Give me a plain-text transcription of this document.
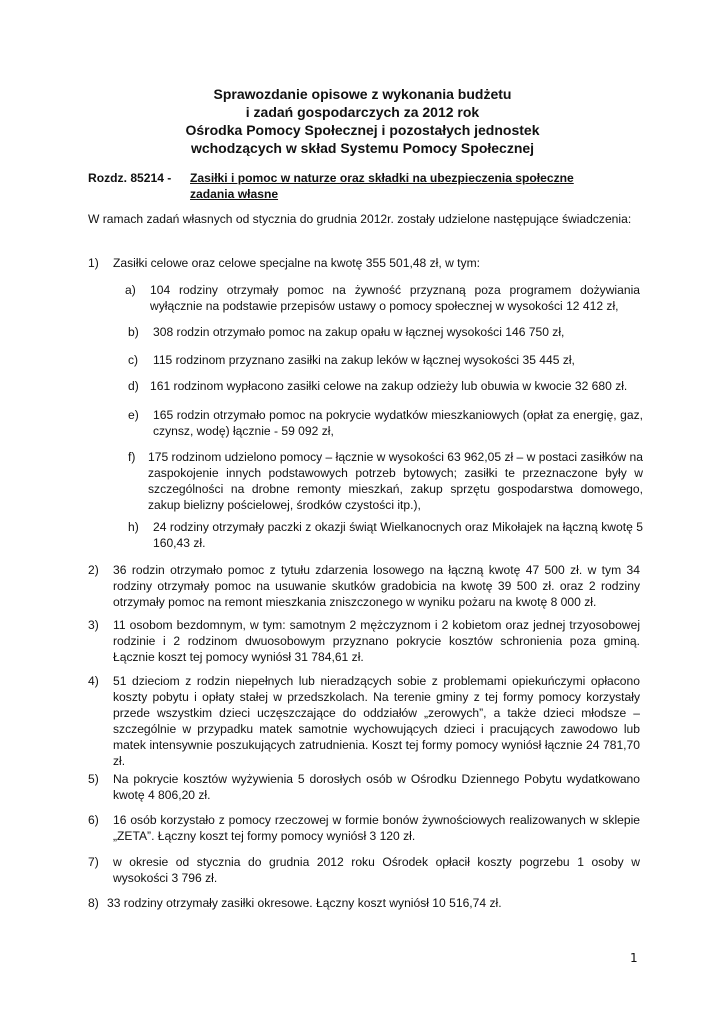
Sprawozdanie opisowe z wykonania budżetu
i zadań gospodarczych za 2012 rok
Ośrodka Pomocy Społecznej i pozostałych jednostek
wchodzących w skład Systemu Pomocy Społecznej
Rozdz. 85214 - Zasiłki i pomoc w naturze oraz składki na ubezpieczenia społeczne zadania własne
W ramach zadań własnych od stycznia do grudnia 2012r. zostały udzielone następujące świadczenia:
1)	Zasiłki celowe oraz celowe specjalne na kwotę 355 501,48 zł, w tym:
a) 104 rodziny otrzymały pomoc na żywność przyznaną poza programem dożywiania wyłącznie na podstawie przepisów ustawy o pomocy społecznej w wysokości 12 412 zł,
b) 308 rodzin otrzymało pomoc na zakup opału w łącznej wysokości 146 750 zł,
c) 115 rodzinom przyznano zasiłki na zakup leków w łącznej wysokości 35 445 zł,
d) 161 rodzinom wypłacono zasiłki celowe na zakup odzieży lub obuwia w kwocie 32 680 zł.
e) 165 rodzin otrzymało pomoc na pokrycie wydatków mieszkaniowych (opłat za energię, gaz, czynsz, wodę) łącznie - 59 092 zł,
f) 175 rodzinom udzielono pomocy – łącznie w wysokości 63 962,05 zł – w postaci zasiłków na zaspokojenie innych podstawowych potrzeb bytowych; zasiłki te przeznaczone były w szczególności na drobne remonty mieszkań, zakup sprzętu gospodarstwa domowego, zakup bielizny pościelowej, środków czystości itp.),
h) 24 rodziny otrzymały paczki z okazji świąt Wielkanocnych oraz Mikołajek na łączną kwotę 5 160,43 zł.
2)	36 rodzin otrzymało pomoc z tytułu zdarzenia losowego na łączną kwotę 47 500 zł. w tym 34 rodziny otrzymały pomoc na usuwanie skutków gradobicia na kwotę 39 500 zł. oraz 2 rodziny otrzymały pomoc na remont mieszkania zniszczonego w wyniku pożaru na kwotę 8 000 zł.
3)	11 osobom bezdomnym, w tym: samotnym 2 mężczyznom i 2 kobietom oraz jednej trzyosobowej rodzinie i 2 rodzinom dwuosobowym przyznano pokrycie kosztów schronienia poza gminą. Łącznie koszt tej pomocy wyniósł 31 784,61 zł.
4)	51 dzieciom z rodzin niepełnych lub nieradzących sobie z problemami opiekuńczymi opłacono koszty pobytu i opłaty stałej w przedszkolach. Na terenie gminy z tej formy pomocy korzystały przede wszystkim dzieci uczęszczające do oddziałów „zerowych”, a także dzieci młodsze – szczególnie w przypadku matek samotnie wychowujących dzieci i pracujących zawodowo lub matek intensywnie poszukujących zatrudnienia. Koszt tej formy pomocy wyniósł łącznie 24 781,70 zł.
5)	Na pokrycie kosztów wyżywienia 5 dorosłych osób w Ośrodku Dziennego Pobytu wydatkowano kwotę 4 806,20 zł.
6)	16 osób korzystało z pomocy rzeczowej w formie bonów żywnościowych realizowanych w sklepie „ZETA”. Łączny koszt tej formy pomocy wyniósł 3 120 zł.
7)	w okresie od stycznia do grudnia 2012 roku Ośrodek opłacił koszty pogrzebu 1 osoby w wysokości 3 796 zł.
8) 33 rodziny otrzymały zasiłki okresowe. Łączny koszt wyniósł 10 516,74 zł.
1
